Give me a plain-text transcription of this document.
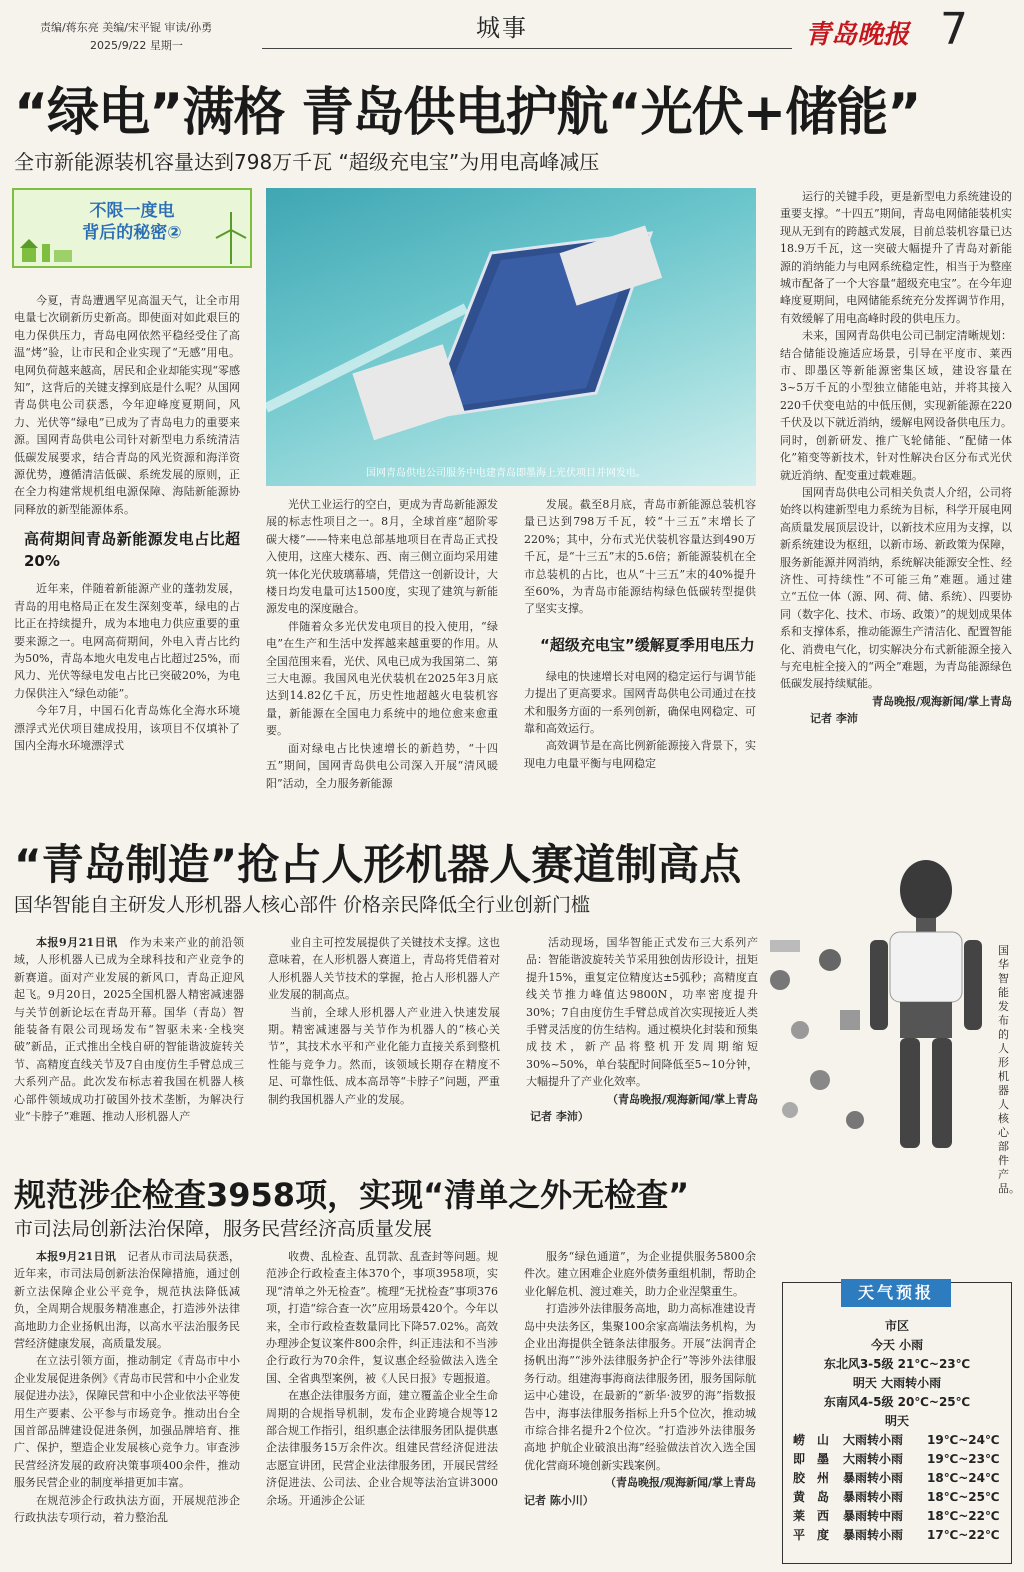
责编/蒋东亮 美编/宋平锟 审读/孙勇
2025/9/22 星期一
城事	青岛晚报 7
“绿电”满格 青岛供电护航“光伏+储能”
全市新能源装机容量达到798万千瓦 “超级充电宝”为用电高峰减压
不限一度电
背后的秘密②
国网青岛供电公司服务中电建青岛即墨海上光伏项目并网发电。

今夏，青岛遭遇罕见高温天气，让全市用电量七次刷新历史新高。即使面对如此艰巨的电力保供压力，青岛电网依然平稳经受住了高温“烤”验，让市民和企业实现了“无感”用电。电网负荷越来越高，居民和企业却能实现“零感知”，这背后的关键支撑到底是什么呢？从国网青岛供电公司获悉，今年迎峰度夏期间，风力、光伏等“绿电”已成为了青岛电力的重要来源。国网青岛供电公司针对新型电力系统清洁低碳发展要求，结合青岛的风光资源和海洋资源优势，遵循清洁低碳、系统发展的原则，正在全力构建常规机组电源保障、海陆新能源协同释放的新型能源体系。

高荷期间青岛新能源发电占比超20%

近年来，伴随着新能源产业的蓬勃发展，青岛的用电格局正在发生深刻变革，绿电的占比正在持续提升，成为本地电力供应重要的重要来源之一。电网高荷期间，外电入青占比约为50%，青岛本地火电发电占比超过25%，而风力、光伏等绿电发电占比已突破20%，为电力保供注入“绿色动能”。

今年7月，中国石化青岛炼化全海水环境漂浮式光伏项目建成投用，该项目不仅填补了国内全海水环境漂浮式

光伏工业运行的空白，更成为青岛新能源发展的标志性项目之一。8月，全球首座“超阶零碳大楼”——特来电总部基地项目在青岛正式投入使用，这座大楼东、西、南三侧立面均采用建筑一体化光伏玻璃幕墙，凭借这一创新设计，大楼日均发电量可达1500度，实现了建筑与新能源发电的深度融合。

伴随着众多光伏发电项目的投入使用，“绿电”在生产和生活中发挥越来越重要的作用。从全国范围来看，光伏、风电已成为我国第二、第三大电源。我国风电光伏装机在2025年3月底达到14.82亿千瓦，历史性地超越火电装机容量，新能源在全国电力系统中的地位愈来愈重要。

面对绿电占比快速增长的新趋势，“十四五”期间，国网青岛供电公司深入开展“清风暖阳”活动，全力服务新能源

发展。截至8月底，青岛市新能源总装机容量已达到798万千瓦，较“十三五”末增长了220%；其中，分布式光伏装机容量达到490万千瓦，是“十三五”末的5.6倍；新能源装机在全市总装机的占比，也从“十三五”末的40%提升至60%，为青岛市能源结构绿色低碳转型提供了坚实支撑。

“超级充电宝”缓解夏季用电压力

绿电的快速增长对电网的稳定运行与调节能力提出了更高要求。国网青岛供电公司通过在技术和服务方面的一系列创新，确保电网稳定、可靠和高效运行。

高效调节是在高比例新能源接入背景下，实现电力电量平衡与电网稳定

运行的关键手段，更是新型电力系统建设的重要支撑。“十四五”期间，青岛电网储能装机实现从无到有的跨越式发展，目前总装机容量已达18.9万千瓦，这一突破大幅提升了青岛对新能源的消纳能力与电网系统稳定性，相当于为整座城市配备了一个大容量“超级充电宝”。在今年迎峰度夏期间，电网储能系统充分发挥调节作用，有效缓解了用电高峰时段的供电压力。

未来，国网青岛供电公司已制定清晰规划：结合储能设施适应场景，引导在平度市、莱西市、即墨区等新能源密集区域，建设容量在3~5万千瓦的小型独立储能电站，并将其接入220千伏变电站的中低压侧，实现新能源在220千伏及以下就近消纳，缓解电网设备供电压力。同时，创新研发、推广飞轮储能、“配储一体化”箱变等新技术，针对性解决台区分布式光伏就近消纳、配变重过载难题。

国网青岛供电公司相关负责人介绍，公司将始终以构建新型电力系统为目标，科学开展电网高质量发展顶层设计，以新技术应用为支撑，以新系统建设为枢纽，以新市场、新政策为保障，服务新能源并网消纳，系统解决能源安全性、经济性、可持续性“不可能三角”难题。通过建立“五位一体（源、网、荷、储、系统）、四要协同（数字化、技术、市场、政策）”的规划成果体系和支撑体系，推动能源生产清洁化、配置智能化、消费电气化，切实解决分布式新能源全接入与充电桩全接入的“两全”难题，为青岛能源绿色低碳发展持续赋能。

青岛晚报/观海新闻/掌上青岛

记者 李沛

“青岛制造”抢占人形机器人赛道制高点
国华智能自主研发人形机器人核心部件 价格亲民降低全行业创新门槛

本报9月21日讯　 作为未来产业的前沿领域，人形机器人已成为全球科技和产业竞争的新赛道。面对产业发展的新风口，青岛正迎风起飞。9月20日，2025全国机器人精密减速器与关节创新论坛在青岛开幕。国华（青岛）智能装备有限公司现场发布“智驱未来·全栈突破”新品，正式推出全栈自研的智能谐波旋转关节、高精度直线关节及7自由度仿生手臂总成三大系列产品。此次发布标志着我国在机器人核心部件领域成功打破国外技术垄断，为解决行业“卡脖子”难题、推动人形机器人产

业自主可控发展提供了关键技术支撑。这也意味着，在人形机器人赛道上，青岛将凭借着对人形机器人关节技术的掌握，抢占人形机器人产业发展的制高点。

当前，全球人形机器人产业进入快速发展期。精密减速器与关节作为机器人的“核心关节”，其技术水平和产业化能力直接关系到整机性能与竞争力。然而，该领域长期存在精度不足、可靠性低、成本高昂等“卡脖子”问题，严重制约我国机器人产业的发展。

活动现场，国华智能正式发布三大系列产品：智能谐波旋转关节采用独创齿形设计，扭矩提升15%，重复定位精度达±5弧秒；高精度直线关节推力峰值达9800N，功率密度提升30%；7自由度仿生手臂总成首次实现接近人类手臂灵活度的仿生结构。通过模块化封装和预集成技术，新产品将整机开发周期缩短30%~50%，单台装配时间降低至5~10分钟，大幅提升了产业化效率。

（青岛晚报/观海新闻/掌上青岛

记者 李沛）

国华智能发布的人形机器人核心部件产品。
规范涉企检查3958项，实现“清单之外无检查”
市司法局创新法治保障，服务民营经济高质量发展

本报9月21日讯　 记者从市司法局获悉，近年来，市司法局创新法治保障措施，通过创新立法保障企业公平竞争，规范执法降低减负，全周期合规服务精准惠企，打造涉外法律高地助力企业扬帆出海，以高水平法治服务民营经济健康发展，高质量发展。

在立法引领方面，推动制定《青岛市中小企业发展促进条例》《青岛市民营和中小企业发展促进办法》，保障民营和中小企业依法平等使用生产要素、公平参与市场竞争。推动出台全国首部品牌建设促进条例，加强品牌培育、推广、保护，塑造企业发展核心竞争力。审查涉民营经济发展的政府决策事项400余件，推动服务民营企业的制度举措更加丰富。

在规范涉企行政执法方面，开展规范涉企行政执法专项行动，着力整治乱

收费、乱检查、乱罚款、乱查封等问题。规范涉企行政检查主体370个，事项3958项，实现“清单之外无检查”。梳理“无扰检查”事项376项，打造“综合查一次”应用场景420个。今年以来，全市行政检查数量同比下降57.02%。高效办理涉企复议案件800余件，纠正违法和不当涉企行政行为70余件，复议惠企经验做法入选全国、全省典型案例，被《人民日报》专题报道。

在惠企法律服务方面，建立覆盖企业全生命周期的合规指导机制，发布企业跨境合规等12部合规工作指引，组织惠企法律服务团队提供惠企法律服务15万余件次。组建民营经济促进法志愿宣讲团，民营企业法律服务团，开展民营经济促进法、公司法、企业合规等法治宣讲3000余场。开通涉企公证

服务“绿色通道”，为企业提供服务5800余件次。建立困难企业庭外债务重组机制，帮助企业化解危机、渡过难关，助力企业涅槃重生。

打造涉外法律服务高地，助力高标准建设青岛中央法务区，集聚100余家高端法务机构，为企业出海提供全链条法律服务。开展“法润青企 扬帆出海”“涉外法律服务护企行”等涉外法律服务行动。组建海事海商法律服务团，服务国际航运中心建设，在最新的“新华·波罗的海”指数报告中，海事法律服务指标上升5个位次，推动城市综合排名提升2个位次。“打造涉外法律服务高地 护航企业破浪出海”经验做法首次入选全国优化营商环境创新实践案例。

（青岛晚报/观海新闻/掌上青岛

记者 陈小川）

天气预报
市区
今天 小雨
东北风3-5级 21℃~23℃
明天 大雨转小雨
东南风4-5级 20℃~25℃
明天
崂　山	大雨转小雨	19℃~24℃
即　墨	大雨转小雨	19℃~23℃
胶　州	暴雨转小雨	18℃~24℃
黄　岛	暴雨转小雨	18℃~25℃
莱　西	暴雨转中雨	18℃~22℃
平　度	暴雨转小雨	17℃~22℃
